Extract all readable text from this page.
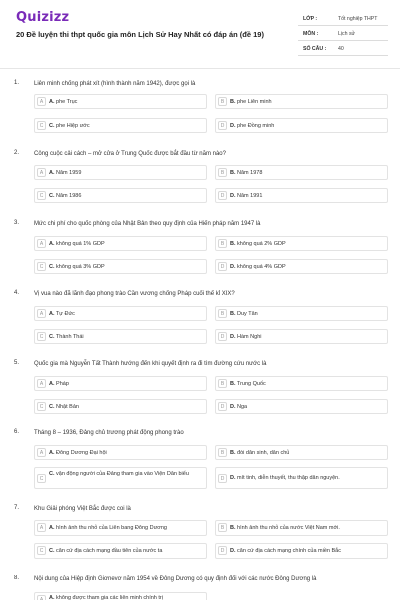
Quizizz
20 Đề luyện thi thpt quốc gia môn Lịch Sử Hay Nhất có đáp án (đề 19)
LỚP :	Tốt nghiệp THPT
MÔN :	Lịch sử
SỐ CÂU : 40
1. Liên minh chống phát xít (hình thành năm 1942), được gọi là
A	A. phe Trục	B	B. phe Liên minh
C	C. phe Hiệp ước	D	D. phe Đồng minh
2. Công cuộc cải cách – mở cửa ở Trung Quốc được bắt đầu từ năm nào?
A	A. Năm 1959	B	B. Năm 1978
C	C. Năm 1986	D	D. Năm 1991
3. Mức chi phí cho quốc phòng của Nhật Bản theo quy định của Hiến pháp năm 1947 là
A	A. không quá 1% GDP	B	B. không quá 2% GDP
C	C. không quá 3% GDP	D	D. không quá 4% GDP
4. Vị vua nào đã lãnh đạo phong trào Cần vương chống Pháp cuối thế kỉ XIX?
A	A. Tự Đức	B	B. Duy Tân
C	C. Thành Thái	D	D. Hàm Nghi
5. Quốc gia mà Nguyễn Tất Thành hướng đến khi quyết định ra đi tìm đường cứu nước là
A	A. Pháp	B	B. Trung Quốc
C	C. Nhật Bản	D	D. Nga
6. Tháng 8 – 1936, Đảng chủ trương phát động phong trào
A	A. Đông Dương Đại hội	B	B. đòi dân sinh, dân chủ
C
C. vận động người của Đảng tham gia vào Viện Dân biểu
D	D. mít tinh, diễn thuyết, thu thập dân nguyện.
7. Khu Giải phóng Việt Bắc được coi là
A	A. hình ảnh thu nhỏ của Liên bang Đông Dương	B	B. hình ảnh thu nhỏ của nước Việt Nam mới.
C	C. căn cứ địa cách mạng đầu tiên của nước ta	D	D. căn cứ địa cách mạng chính của miền Bắc
8. Nội dung của Hiệp định Giơnevơ năm 1954 về Đông Dương có quy định đối với các nước Đông Dương là
A	A. không được tham gia các liên minh chính trị
